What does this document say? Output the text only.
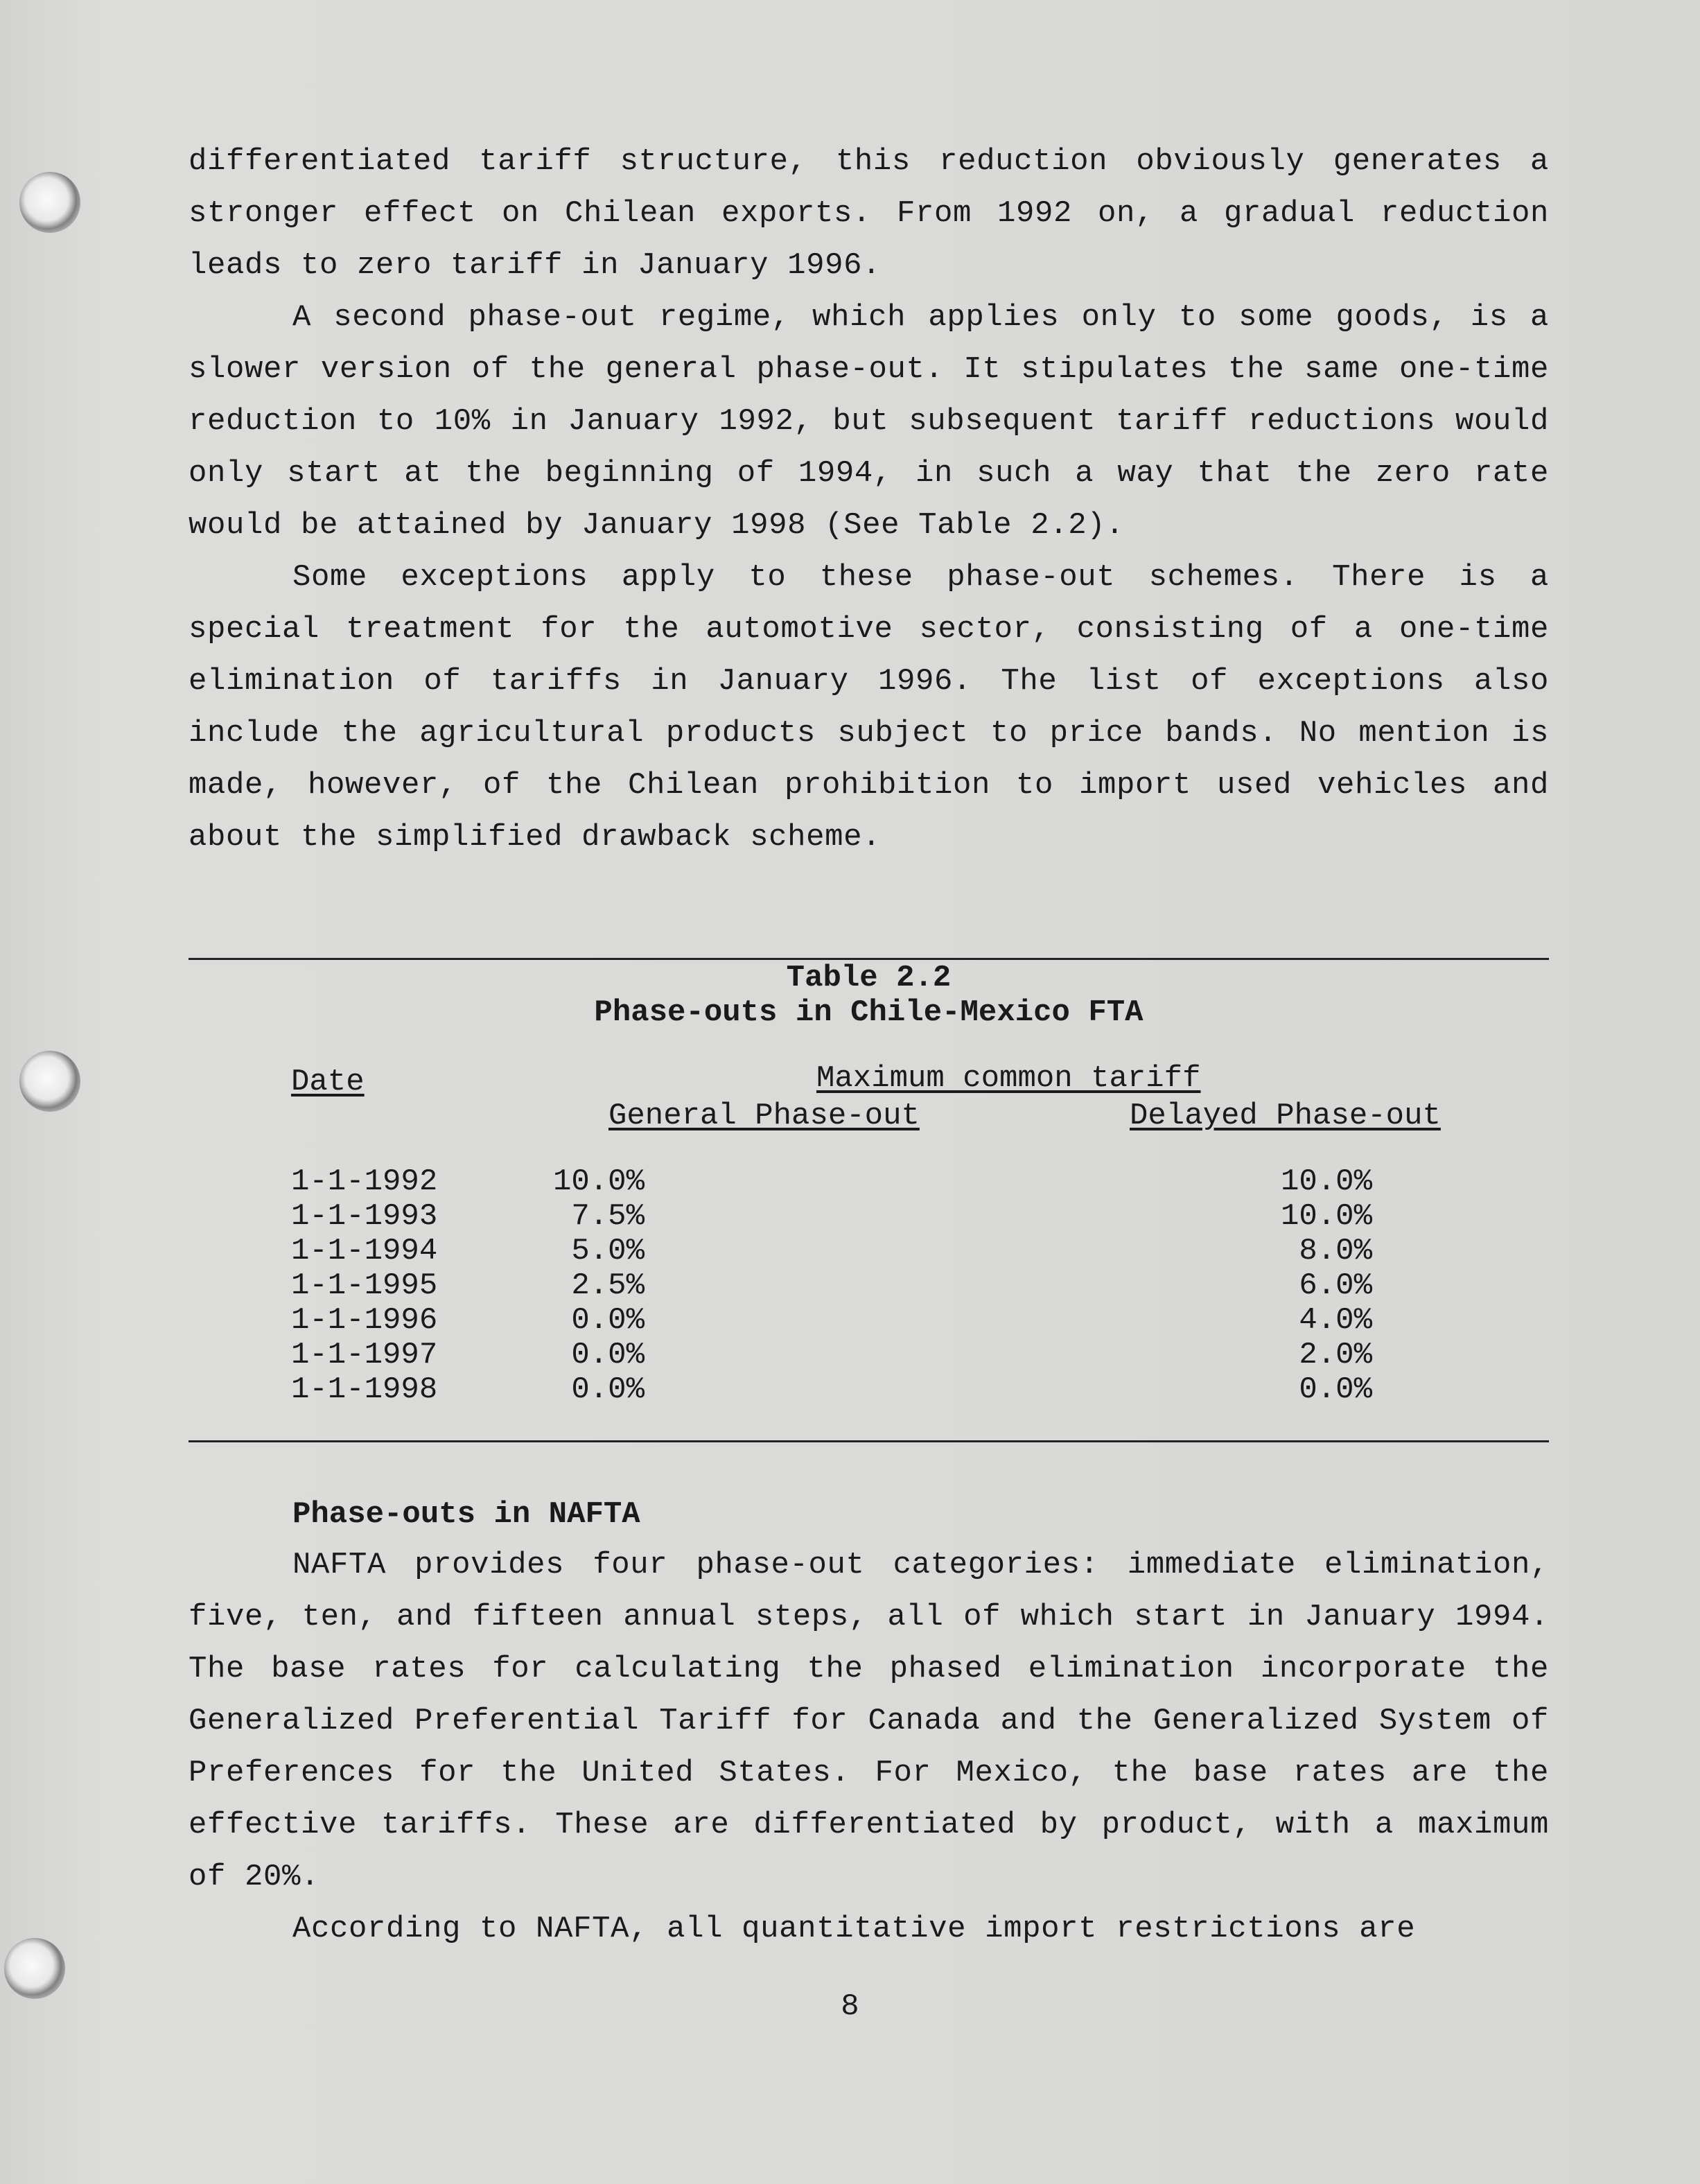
differentiated tariff structure, this reduction obviously generates a stronger effect on Chilean exports. From 1992 on, a gradual reduction leads to zero tariff in January 1996.

A second phase-out regime, which applies only to some goods, is a slower version of the general phase-out. It stipulates the same one-time reduction to 10% in January 1992, but subsequent tariff reductions would only start at the beginning of 1994, in such a way that the zero rate would be attained by January 1998 (See Table 2.2).

Some exceptions apply to these phase-out schemes. There is a special treatment for the automotive sector, consisting of a one-time elimination of tariffs in January 1996. The list of exceptions also include the agricultural products subject to price bands. No mention is made, however, of the Chilean prohibition to import used vehicles and about the simplified drawback scheme.

Table 2.2
Phase-outs in Chile-Mexico FTA
Date	Maximum common tariff
General Phase-out	Delayed Phase-out
1-1-1992	10.0%	10.0%
1-1-1993	7.5%	10.0%
1-1-1994	5.0%	8.0%
1-1-1995	2.5%	6.0%
1-1-1996	0.0%	4.0%
1-1-1997	0.0%	2.0%
1-1-1998	0.0%	0.0%
Phase-outs in NAFTA

NAFTA provides four phase-out categories: immediate elimination, five, ten, and fifteen annual steps, all of which start in January 1994. The base rates for calculating the phased elimination incorporate the Generalized Preferential Tariff for Canada and the Generalized System of Preferences for the United States. For Mexico, the base rates are the effective tariffs. These are differentiated by product, with a maximum of 20%.

According to NAFTA, all quantitative import restrictions are

8
